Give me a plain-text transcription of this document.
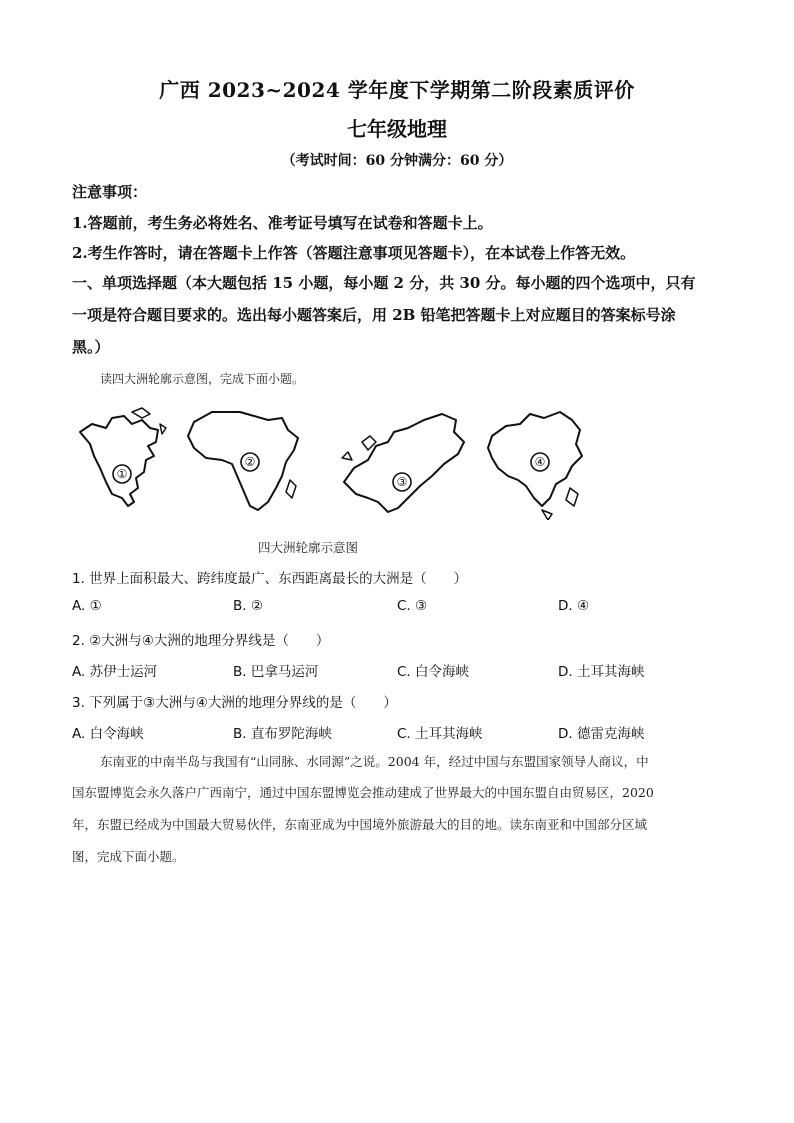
广西 2023~2024 学年度下学期第二阶段素质评价
七年级地理
（考试时间：60 分钟满分：60 分）
注意事项：
1.答题前，考生务必将姓名、准考证号填写在试卷和答题卡上。
2.考生作答时，请在答题卡上作答（答题注意事项见答题卡），在本试卷上作答无效。
一、单项选择题（本大题包括 15 小题，每小题 2 分，共 30 分。每小题的四个选项中，只有
一项是符合题目要求的。选出每小题答案后，用 2B 铅笔把答题卡上对应题目的答案标号涂
黑。）
读四大洲轮廓示意图，完成下面小题。
①
②
③
④
四大洲轮廓示意图
1. 世界上面积最大、跨纬度最广、东西距离最长的大洲是（　　）
A. ①	B. ②	C. ③	D. ④
2. ②大洲与④大洲的地理分界线是（　　）
A. 苏伊士运河	B. 巴拿马运河	C. 白令海峡	D. 土耳其海峡
3. 下列属于③大洲与④大洲的地理分界线的是（　　）
A. 白令海峡	B. 直布罗陀海峡	C. 土耳其海峡	D. 德雷克海峡
东南亚的中南半岛与我国有“山同脉、水同源”之说。2004 年，经过中国与东盟国家领导人商议，中
国东盟博览会永久落户广西南宁，通过中国东盟博览会推动建成了世界最大的中国东盟自由贸易区，2020
年，东盟已经成为中国最大贸易伙伴，东南亚成为中国境外旅游最大的目的地。读东南亚和中国部分区域
图，完成下面小题。
